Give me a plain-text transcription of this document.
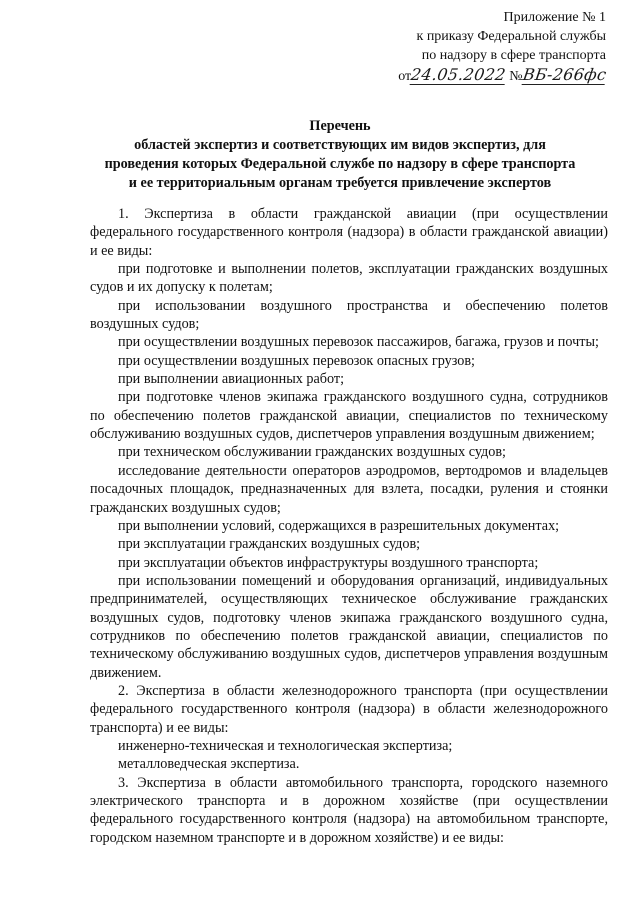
Приложение № 1
к приказу Федеральной службы
по надзору в сфере транспорта
от24.05.2022 №ВБ-266фс
Перечень
областей экспертиз и соответствующих им видов экспертиз, для
проведения которых Федеральной службе по надзору в сфере транспорта
и ее территориальным органам требуется привлечение экспертов

1. Экспертиза в области гражданской авиации (при осуществлении федерального государственного контроля (надзора) в области гражданской авиации) и ее виды:

при подготовке и выполнении полетов, эксплуатации гражданских воздушных судов и их допуску к полетам;

при использовании воздушного пространства и обеспечению полетов воздушных судов;

при осуществлении воздушных перевозок пассажиров, багажа, грузов и почты;

при осуществлении воздушных перевозок опасных грузов;

при выполнении авиационных работ;

при подготовке членов экипажа гражданского воздушного судна, сотрудников по обеспечению полетов гражданской авиации, специалистов по техническому обслуживанию воздушных судов, диспетчеров управления воздушным движением;

при техническом обслуживании гражданских воздушных судов;

исследование деятельности операторов аэродромов, вертодромов и владельцев посадочных площадок, предназначенных для взлета, посадки, руления и стоянки гражданских воздушных судов;

при выполнении условий, содержащихся в разрешительных документах;

при эксплуатации гражданских воздушных судов;

при эксплуатации объектов инфраструктуры воздушного транспорта;

при использовании помещений и оборудования организаций, индивидуальных предпринимателей, осуществляющих техническое обслуживание гражданских воздушных судов, подготовку членов экипажа гражданского воздушного судна, сотрудников по обеспечению полетов гражданской авиации, специалистов по техническому обслуживанию воздушных судов, диспетчеров управления воздушным движением.

2. Экспертиза в области железнодорожного транспорта (при осуществлении федерального государственного контроля (надзора) в области железнодорожного транспорта) и ее виды:

инженерно-техническая и технологическая экспертиза;

металловедческая экспертиза.

3. Экспертиза в области автомобильного транспорта, городского наземного электрического транспорта и в дорожном хозяйстве (при осуществлении федерального государственного контроля (надзора) на автомобильном транспорте, городском наземном транспорте и в дорожном хозяйстве) и ее виды:
